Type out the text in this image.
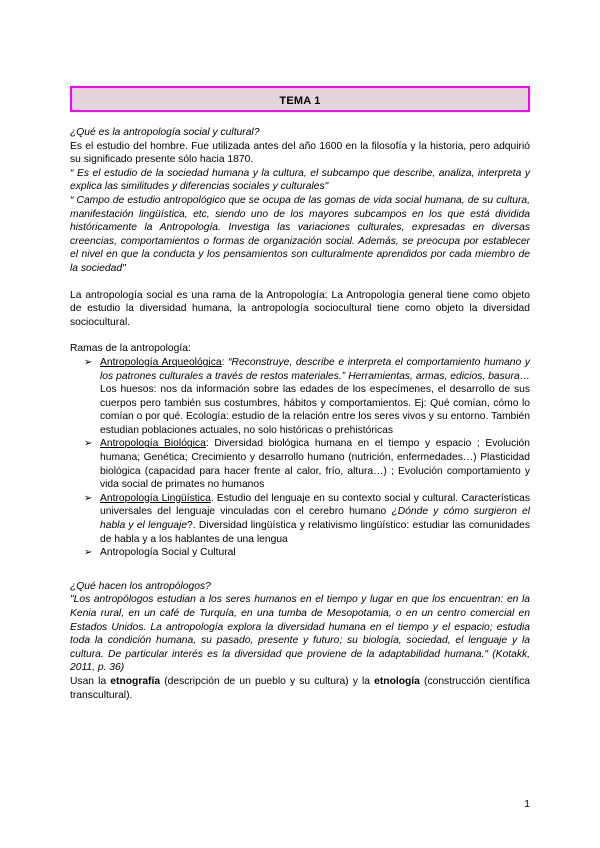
TEMA 1

¿Qué es la antropología social y cultural?

Es el estudio del hombre. Fue utilizada antes del año 1600 en la filosofía y la historia, pero adquirió su significado presente sólo hacia 1870.

“ Es el estudio de la sociedad humana y la cultura, el subcampo que describe, analiza, interpreta y explica las similitudes y diferencias sociales y culturales"

“ Campo de estudio antropológico que se ocupa de las gomas de vida social humana, de su cultura, manifestación lingüística, etc, siendo uno de los mayores subcampos en los que está dividida históricamente la Antropología. Investiga las variaciones culturales, expresadas en diversas creencias, comportamientos o formas de organización social. Además, se preocupa por establecer el nivel en que la conducta y los pensamientos son culturalmente aprendidos por cada miembro de la sociedad"

La antropología social es una rama de la Antropología: La Antropología general tiene como objeto de estudio la diversidad humana, la antropología sociocultural tiene como objeto la diversidad sociocultural.

Ramas de la antropología:

➢ Antropología Arqueológica: “Reconstruye, describe e interpreta el comportamiento humano y los patrones culturales a través de restos materiales.” Herramientas, armas, edicios, basura… Los huesos: nos da información sobre las edades de los especímenes, el desarrollo de sus cuerpos pero también sus costumbres, hábitos y comportamientos. Ej: Qué comían, cómo lo comían o por qué. Ecología: estudio de la relación entre los seres vivos y su entorno. También estudian poblaciones actuales, no solo históricas o prehistóricas
➢ Antropología Biológica: Diversidad biológica humana en el tiempo y espacio ; Evolución humana; Genética; Crecimiento y desarrollo humano (nutrición, enfermedades…) Plasticidad biológica (capacidad para hacer frente al calor, frío, altura…) ; Evolución comportamiento y vida social de primates no humanos
➢ Antropología Lingüística. Estudio del lenguaje en su contexto social y cultural. Características universales del lenguaje vinculadas con el cerebro humano ¿Dónde y cómo surgieron el habla y el lenguaje?. Diversidad lingüística y relativismo lingüístico: estudiar las comunidades de habla y a los hablantes de una lengua
➢ Antropología Social y Cultural

¿Qué hacen los antropólogos?

"Los antropólogos estudian a los seres humanos en el tiempo y lugar en que los encuentran: en la Kenia rural, en un café de Turquía, en una tumba de Mesopotamia, o en un centro comercial en Estados Unidos. La antropología explora la diversidad humana en el tiempo y el espacio; estudia toda la condición humana, su pasado, presente y futuro; su biología, sociedad, el lenguaje y la cultura. De particular interés es la diversidad que proviene de la adaptabilidad humana." (Kotakk, 2011, p. 36)

Usan la etnografía (descripción de un pueblo y su cultura) y la etnología (construcción científica transcultural).

1
